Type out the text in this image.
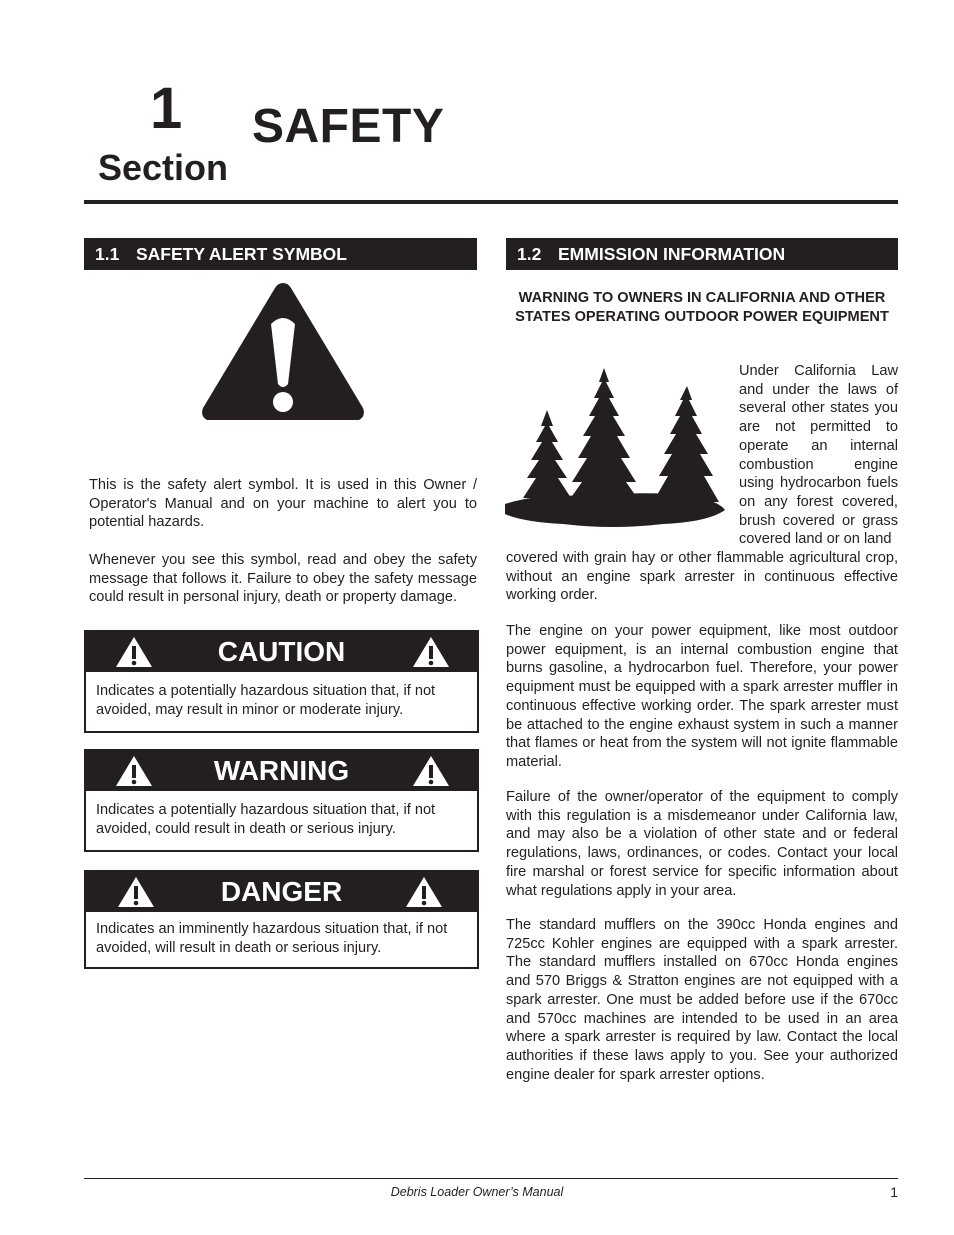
1
Section
SAFETY
1.1 SAFETY ALERT SYMBOL

This is the safety alert symbol. It is used in this Owner / Operator's Manual and on your machine to alert you to potential hazards.

Whenever you see this symbol, read and obey the safety message that follows it. Failure to obey the safety message could result in personal injury, death or property damage.

CAUTION
Indicates a potentially hazardous situation that, if not avoided, may result in minor or moderate injury.
WARNING
Indicates a potentially hazardous situation that, if not avoided, could result in death or serious injury.
DANGER
Indicates an imminently hazardous situation that, if not avoided, will result in death or serious injury.
1.2 EMMISSION INFORMATION
WARNING TO OWNERS IN CALIFORNIA AND OTHER STATES OPERATING OUTDOOR POWER EQUIPMENT

Under California Law and under the laws of several other states you are not permitted to operate an internal combustion engine using hydrocarbon fuels on any forest covered, brush covered or grass covered land or on land

covered with grain hay or other flammable agricultural crop, without an engine spark arrester in continuous effective working order.

The engine on your power equipment, like most outdoor power equipment, is an internal combustion engine that burns gasoline, a hydrocarbon fuel. Therefore, your power equipment must be equipped with a spark arrester muffler in continuous effective working order. The spark arrester must be attached to the engine exhaust system in such a manner that flames or heat from the system will not ignite flammable material.

Failure of the owner/operator of the equipment to comply with this regulation is a misdemeanor under California law, and may also be a violation of other state and or federal regulations, laws, ordinances, or codes. Contact your local fire marshal or forest service for specific information about what regulations apply in your area.

The standard mufflers on the 390cc Honda engines and 725cc Kohler engines are equipped with a spark arrester. The standard mufflers installed on 670cc Honda engines and 570 Briggs & Stratton engines are not equipped with a spark arrester. One must be added before use if the 670cc and 570cc machines are intended to be used in an area where a spark arrester is required by law. Contact the local authorities if these laws apply to you. See your authorized engine dealer for spark arrester options.

Debris Loader Owner’s Manual	1
